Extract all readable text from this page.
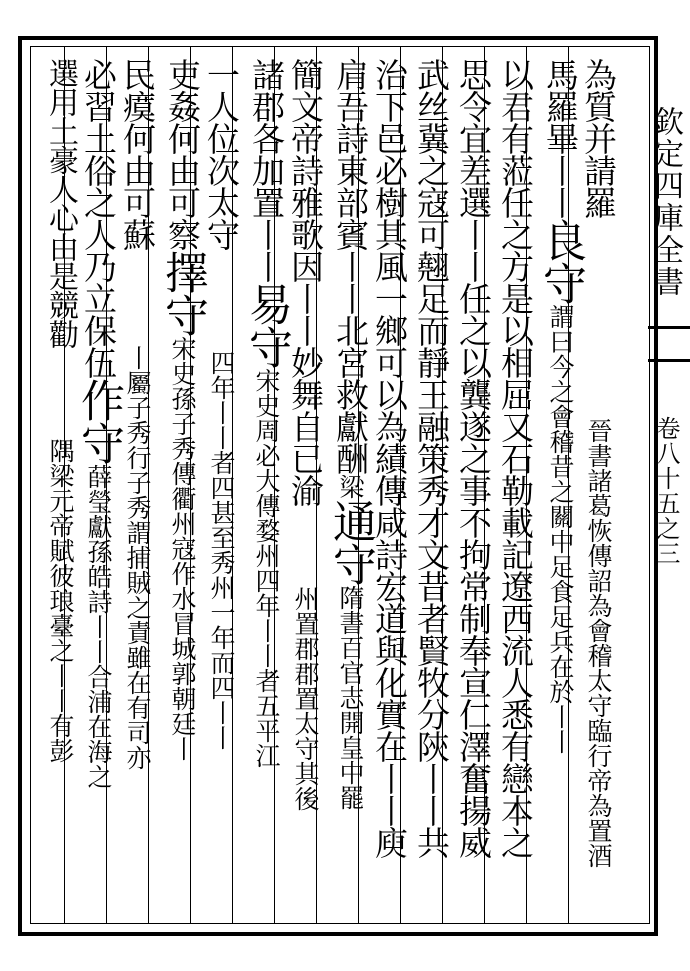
欽定四庫全書
卷八十五之三
為質并請羅晉書諸葛恢傳詔為會稽太守臨行帝為置酒
馬羅畢丨丨良守謂曰今之會稽昔之關中足食足兵在於丨丨
以君有蒞任之方是以相屈又石勒載記遼西流人悉有戀本之
思令宜差選丨丨任之以龔遂之事不拘常制奉宣仁澤奮揚威
武丝冀之寇可翹足而靜王融策秀才文昔者賢牧分陝丨丨共
治下邑必樹其風一鄉可以為績傳咸詩宏道與化實在丨丨庾
肩吾詩東部賓丨丨北宮救獻酬梁通守隋書百官志開皇中罷
簡文帝詩雅歌因丨丨妙舞自已渝州置郡郡置太守其後
諸郡各加置丨丨易守宋史周必大傳婺州四年丨丨者五平江
一人位次太守四年丨丨者四甚至秀州一年而四丨丨
吏姦何由可察擇守宋史孫子秀傳衢州寇作水冒城郭朝廷丨
民瘼何由可蘇丨屬子秀行子秀謂捕賊之責雖在有司亦
必習土俗之人乃立保伍作守薛瑩獻孫皓詩丨丨合浦在海之
選用土豪人心由是競勸隅梁元帝賦彼琅臺之丨丨有彭
